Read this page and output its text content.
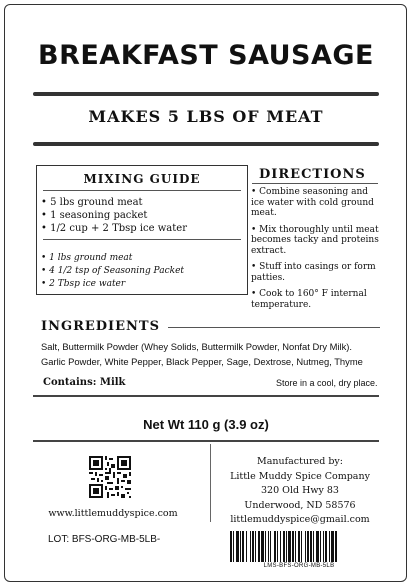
BREAKFAST SAUSAGE
MAKES 5 LBS OF MEAT
MIXING GUIDE
• 5 lbs ground meat
• 1 seasoning packet
• 1/2 cup + 2 Tbsp ice water
• 1 lbs ground meat
• 4 1/2 tsp of Seasoning Packet
• 2 Tbsp ice water
DIRECTIONS
• Combine seasoning and ice water with cold ground meat.
• Mix thoroughly until meat becomes tacky and proteins extract.
• Stuff into casings or form patties.
• Cook to 160° F internal temperature.
INGREDIENTS
Salt, Buttermilk Powder (Whey Solids, Buttermilk Powder, Nonfat Dry Milk).
Garlic Powder, White Pepper, Black Pepper, Sage, Dextrose, Nutmeg, Thyme
Contains: Milk	Store in a cool, dry place.
Net Wt 110 g (3.9 oz)
www.littlemuddyspice.com
Manufactured by:
Little Muddy Spice Company
320 Old Hwy 83
Underwood, ND 58576
littlemuddyspice@gmail.com
LOT: BFS-ORG-MB-5LB-
LMS-BFS-ORG-MB-5LB
